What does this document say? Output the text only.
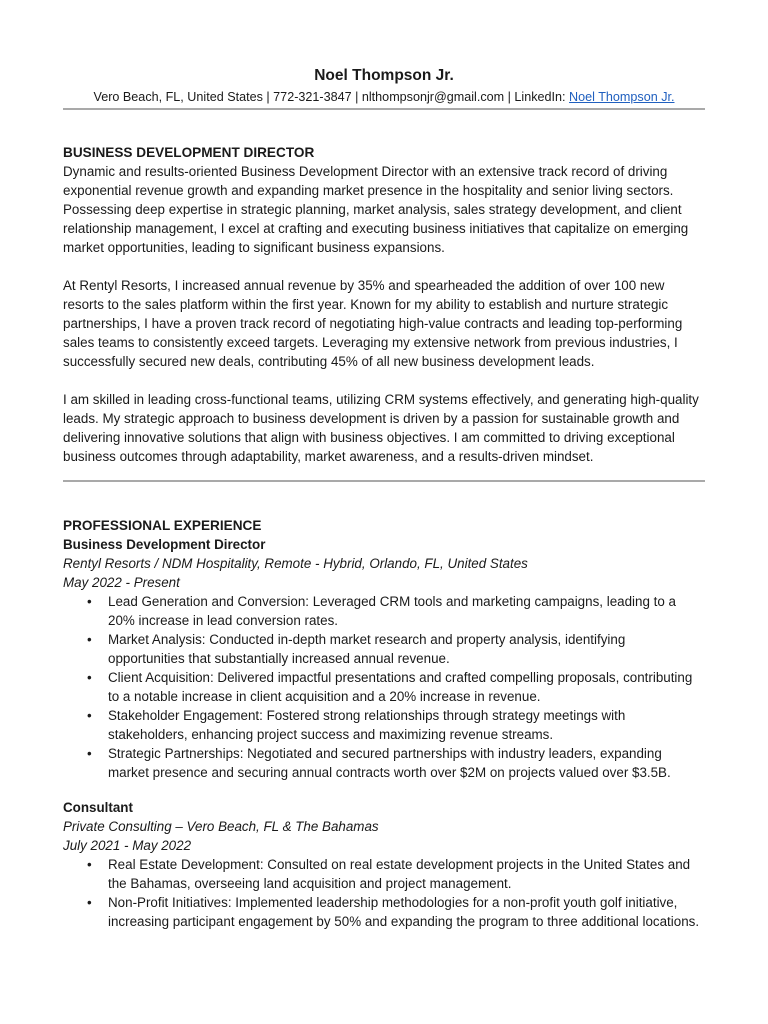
Noel Thompson Jr.
Vero Beach, FL, United States | 772-321-3847 | nlthompsonjr@gmail.com | LinkedIn: Noel Thompson Jr.
BUSINESS DEVELOPMENT DIRECTOR

Dynamic and results-oriented Business Development Director with an extensive track record of driving exponential revenue growth and expanding market presence in the hospitality and senior living sectors. Possessing deep expertise in strategic planning, market analysis, sales strategy development, and client relationship management, I excel at crafting and executing business initiatives that capitalize on emerging market opportunities, leading to significant business expansions.

At Rentyl Resorts, I increased annual revenue by 35% and spearheaded the addition of over 100 new resorts to the sales platform within the first year. Known for my ability to establish and nurture strategic partnerships, I have a proven track record of negotiating high-value contracts and leading top-performing sales teams to consistently exceed targets. Leveraging my extensive network from previous industries, I successfully secured new deals, contributing 45% of all new business development leads.

I am skilled in leading cross-functional teams, utilizing CRM systems effectively, and generating high-quality leads. My strategic approach to business development is driven by a passion for sustainable growth and delivering innovative solutions that align with business objectives. I am committed to driving exceptional business outcomes through adaptability, market awareness, and a results-driven mindset.

PROFESSIONAL EXPERIENCE
Business Development Director
Rentyl Resorts / NDM Hospitality, Remote - Hybrid, Orlando, FL, United States
May 2022 - Present
• Lead Generation and Conversion: Leveraged CRM tools and marketing campaigns, leading to a 20% increase in lead conversion rates.
• Market Analysis: Conducted in-depth market research and property analysis, identifying opportunities that substantially increased annual revenue.
• Client Acquisition: Delivered impactful presentations and crafted compelling proposals, contributing to a notable increase in client acquisition and a 20% increase in revenue.
• Stakeholder Engagement: Fostered strong relationships through strategy meetings with stakeholders, enhancing project success and maximizing revenue streams.
• Strategic Partnerships: Negotiated and secured partnerships with industry leaders, expanding market presence and securing annual contracts worth over $2M on projects valued over $3.5B.
Consultant
Private Consulting – Vero Beach, FL & The Bahamas
July 2021 - May 2022
• Real Estate Development: Consulted on real estate development projects in the United States and the Bahamas, overseeing land acquisition and project management.
• Non-Profit Initiatives: Implemented leadership methodologies for a non-profit youth golf initiative, increasing participant engagement by 50% and expanding the program to three additional locations.
